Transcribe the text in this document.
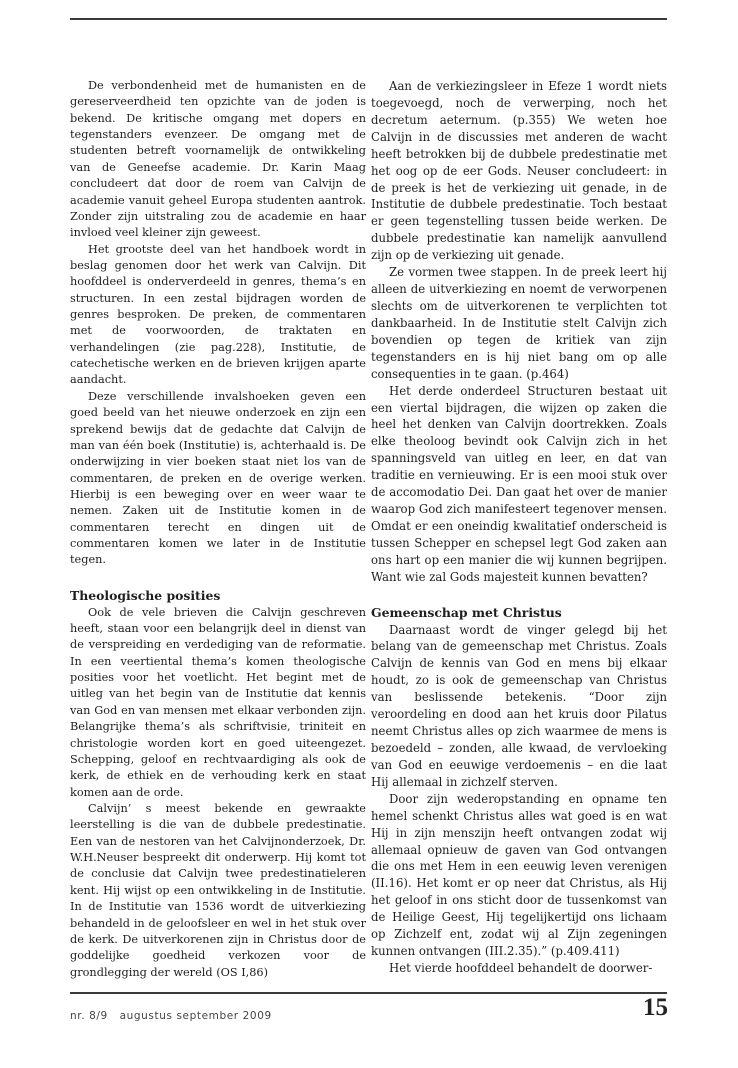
De verbondenheid met de humanisten en de gereserveerdheid ten opzichte van de joden is bekend. De kritische omgang met dopers en tegenstanders evenzeer. De omgang met de studenten betreft voornamelijk de ontwikkeling van de Geneefse academie. Dr. Karin Maag concludeert dat door de roem van Calvijn de academie vanuit geheel Europa studenten aantrok. Zonder zijn uitstraling zou de academie en haar invloed veel kleiner zijn geweest.

Het grootste deel van het handboek wordt in beslag genomen door het werk van Calvijn. Dit hoofddeel is onderverdeeld in genres, thema’s en structuren. In een zestal bijdragen worden de genres besproken. De preken, de commentaren met de voorwoorden, de traktaten en verhandelingen (zie pag.228), Institutie, de catechetische werken en de brieven krijgen aparte aandacht.

Deze verschillende invalshoeken geven een goed beeld van het nieuwe onderzoek en zijn een sprekend bewijs dat de gedachte dat Calvijn de man van één boek (Institutie) is, achterhaald is. De onderwijzing in vier boeken staat niet los van de commentaren, de preken en de overige werken. Hierbij is een beweging over en weer waar te nemen. Zaken uit de Institutie komen in de commentaren terecht en dingen uit de commentaren komen we later in de Institutie tegen.

Theologische posities

Ook de vele brieven die Calvijn geschreven heeft, staan voor een belangrijk deel in dienst van de verspreiding en verdediging van de reformatie. In een veertiental thema’s komen theologische posities voor het voetlicht. Het begint met de uitleg van het begin van de Institutie dat kennis van God en van mensen met elkaar verbonden zijn. Belangrijke thema’s als schriftvisie, triniteit en christologie worden kort en goed uiteengezet. Schepping, geloof en rechtvaardiging als ook de kerk, de ethiek en de verhouding kerk en staat komen aan de orde.

Calvijn’ s meest bekende en gewraakte leerstelling is die van de dubbele predestinatie. Een van de nestoren van het Calvijnonderzoek, Dr. W.H.Neuser bespreekt dit onderwerp. Hij komt tot de conclusie dat Calvijn twee predestinatieleren kent. Hij wijst op een ontwikkeling in de Institutie. In de Institutie van 1536 wordt de uitverkiezing behandeld in de geloofsleer en wel in het stuk over de kerk. De uitverkorenen zijn in Christus door de goddelijke goedheid verkozen voor de grondlegging der wereld (OS I,86)

Aan de verkiezingsleer in Efeze 1 wordt niets toegevoegd, noch de verwerping, noch het decretum aeternum. (p.355) We weten hoe Calvijn in de discussies met anderen de wacht heeft betrokken bij de dubbele predestinatie met het oog op de eer Gods. Neuser concludeert: in de preek is het de verkiezing uit genade, in de Institutie de dubbele predestinatie. Toch bestaat er geen tegenstelling tussen beide werken. De dubbele predestinatie kan namelijk aanvullend zijn op de verkiezing uit genade.

Ze vormen twee stappen. In de preek leert hij alleen de uitverkiezing en noemt de verworpenen slechts om de uitverkorenen te verplichten tot dankbaarheid. In de Institutie stelt Calvijn zich bovendien op tegen de kritiek van zijn tegenstanders en is hij niet bang om op alle consequenties in te gaan. (p.464)

Het derde onderdeel Structuren bestaat uit een viertal bijdragen, die wijzen op zaken die heel het denken van Calvijn doortrekken. Zoals elke theoloog bevindt ook Calvijn zich in het spanningsveld van uitleg en leer, en dat van traditie en vernieuwing. Er is een mooi stuk over de accomodatio Dei. Dan gaat het over de manier waarop God zich manifesteert tegenover mensen. Omdat er een oneindig kwalitatief onderscheid is tussen Schepper en schepsel legt God zaken aan ons hart op een manier die wij kunnen begrijpen. Want wie zal Gods majesteit kunnen bevatten?

Gemeenschap met Christus

Daarnaast wordt de vinger gelegd bij het belang van de gemeenschap met Christus. Zoals Calvijn de kennis van God en mens bij elkaar houdt, zo is ook de gemeenschap van Christus van beslissende betekenis. “Door zijn veroordeling en dood aan het kruis door Pilatus neemt Christus alles op zich waarmee de mens is bezoedeld – zonden, alle kwaad, de vervloeking van God en eeuwige verdoemenis – en die laat Hij allemaal in zichzelf sterven.

Door zijn wederopstanding en opname ten hemel schenkt Christus alles wat goed is en wat Hij in zijn menszijn heeft ontvangen zodat wij allemaal opnieuw de gaven van God ontvangen die ons met Hem in een eeuwig leven verenigen (II.16). Het komt er op neer dat Christus, als Hij het geloof in ons sticht door de tussenkomst van de Heilige Geest, Hij tegelijkertijd ons lichaam op Zichzelf ent, zodat wij al Zijn zegeningen kunnen ontvangen (III.2.35).” (p.409.411)

Het vierde hoofddeel behandelt de doorwer-

nr. 8/9   augustus september 2009	15
